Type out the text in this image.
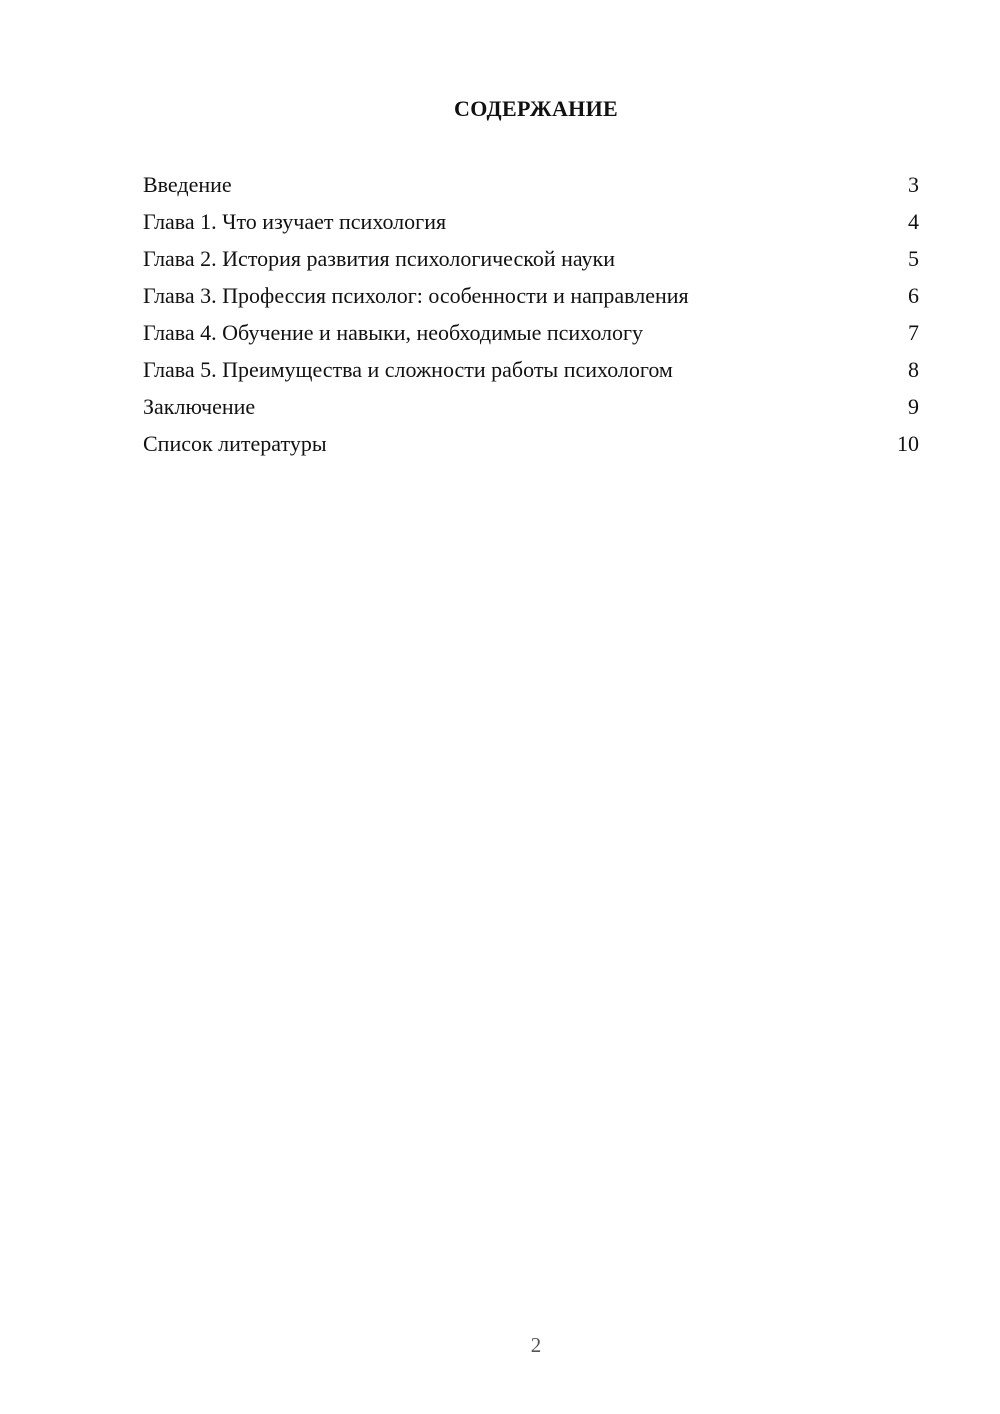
СОДЕРЖАНИЕ
Введение	3
Глава 1. Что изучает психология	4
Глава 2. История развития психологической науки	5
Глава 3. Профессия психолог: особенности и направления	6
Глава 4. Обучение и навыки, необходимые психологу	7
Глава 5. Преимущества и сложности работы психологом	8
Заключение	9
Список литературы	10
2
